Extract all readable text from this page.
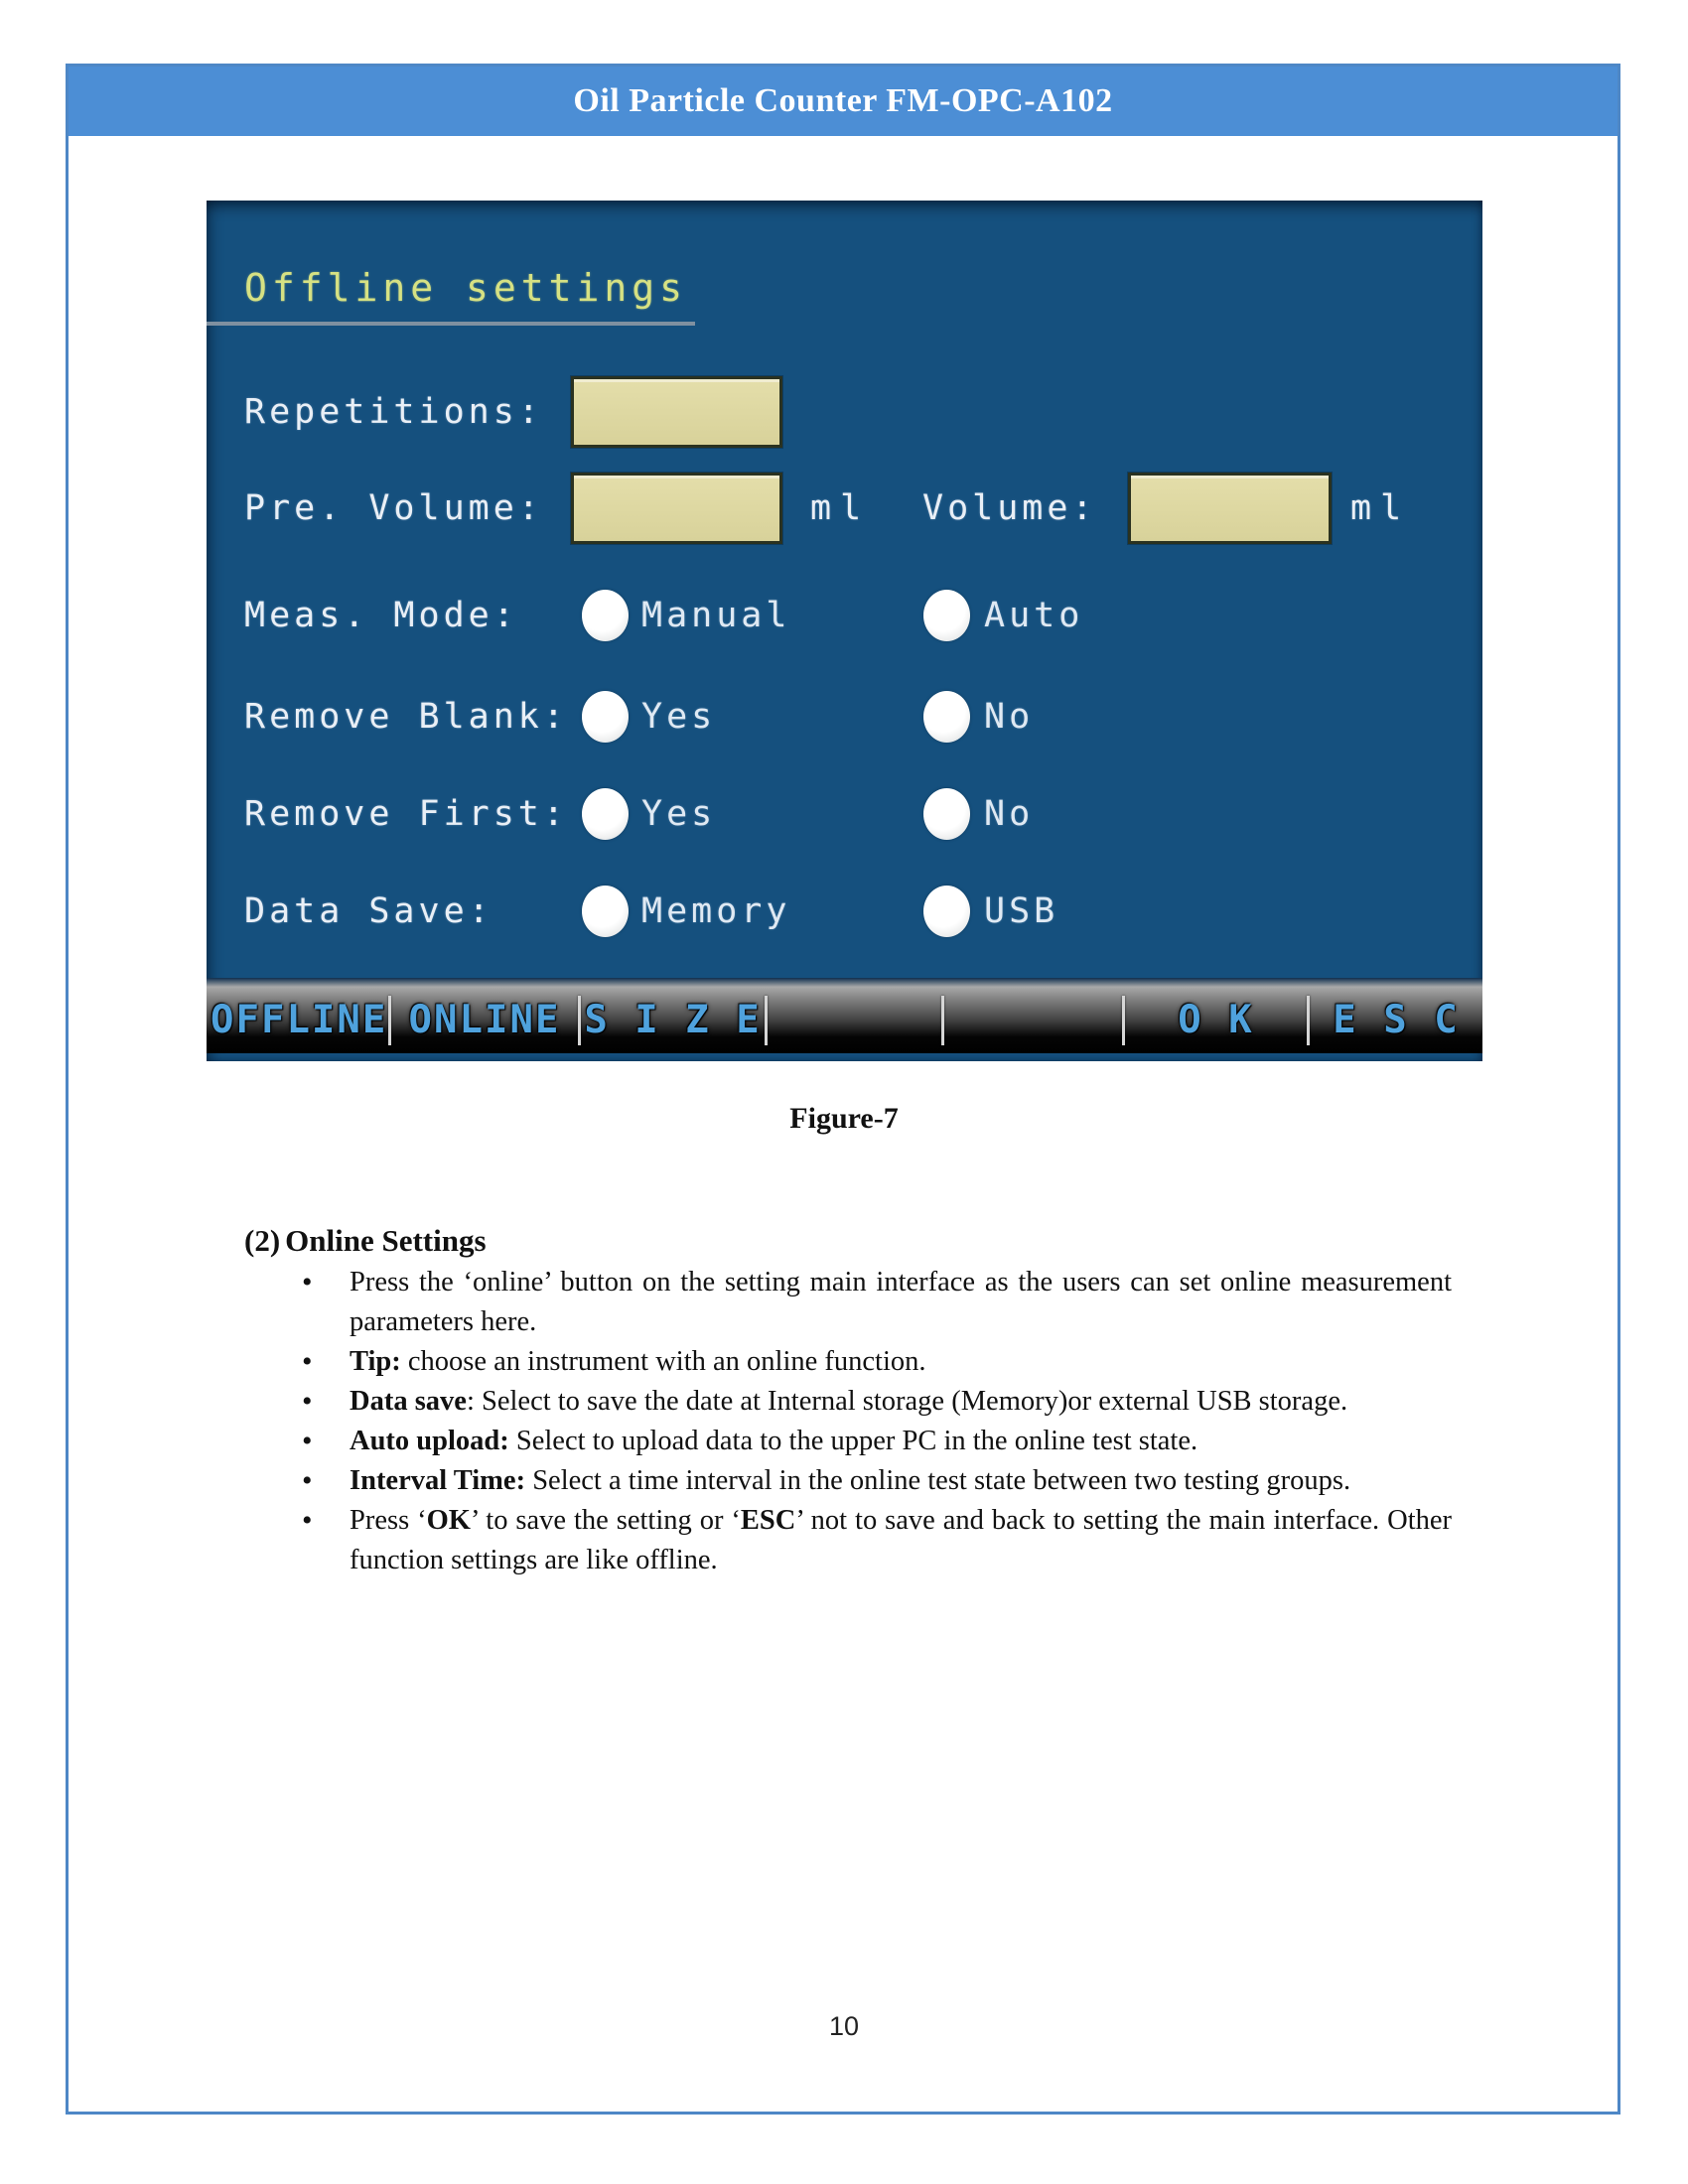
Oil Particle Counter FM-OPC-A102
Offline settings
Repetitions:
Pre. Volume:	ml Volume:	ml
Meas. Mode:	Manual	Auto
Remove Blank: Yes	No
Remove First: Yes	No
Data Save:	Memory	USB
OFFLINE ONLINE S I Z E	O K	E S C
Figure-7
(2) Online Settings
• Press the ‘online’ button on the setting main interface as the users can set online measurement parameters here.
• Tip: choose an instrument with an online function.
• Data save: Select to save the date at Internal storage (Memory)or external USB storage.
• Auto upload: Select to upload data to the upper PC in the online test state.
• Interval Time: Select a time interval in the online test state between two testing groups.
• Press ‘OK’ to save the setting or ‘ESC’ not to save and back to setting the main interface. Other function settings are like offline.
10
